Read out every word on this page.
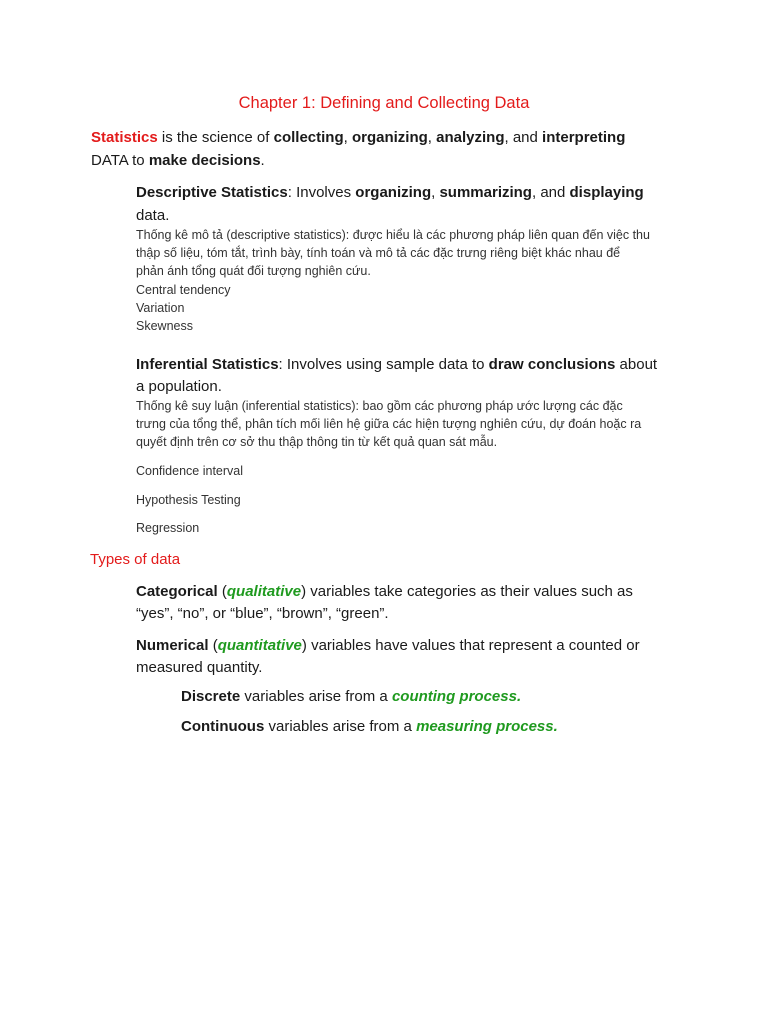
Chapter 1: Defining and Collecting Data

Statistics is the science of collecting, organizing, analyzing, and interpreting

DATA to make decisions.

Descriptive Statistics: Involves organizing, summarizing, and displaying

data.

Thống kê mô tả (descriptive statistics): được hiểu là các phương pháp liên quan đến việc thu

thập số liệu, tóm tắt, trình bày, tính toán và mô tả các đặc trưng riêng biệt khác nhau để

phản ánh tổng quát đối tượng nghiên cứu.

Central tendency

Variation

Skewness

Inferential Statistics: Involves using sample data to draw conclusions about

a population.

Thống kê suy luận (inferential statistics): bao gồm các phương pháp ước lượng các đặc

trưng của tổng thể, phân tích mối liên hệ giữa các hiện tượng nghiên cứu, dự đoán hoặc ra

quyết định trên cơ sở thu thập thông tin từ kết quả quan sát mẫu.

Confidence interval

Hypothesis Testing

Regression

Types of data

Categorical (qualitative) variables take categories as their values such as

“yes”, “no”, or “blue”, “brown”, “green”.

Numerical (quantitative) variables have values that represent a counted or

measured quantity.

Discrete variables arise from a counting process.

Continuous variables arise from a measuring process.
